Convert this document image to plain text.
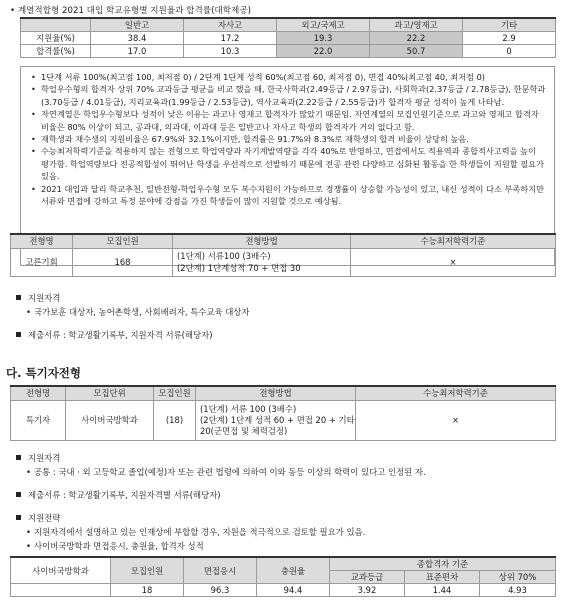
• 계열적합형 2021 대입 학교유형별 지원율과 합격률(대학제공)
	일반고	자사고	외고/국제고	과고/영재고	기타
지원율(%)	38.4	17.2	19.3	22.2	2.9
합격률(%)	17.0	10.3	22.0	50.7	0
• 1단계 서류 100%(최고점 100, 최저점 0) / 2단계 1단계 성적 60%(최고점 60, 최저점 0), 면접 40%(최고점 40, 최저점 0)
• 학업우수형의 합격자 상위 70% 교과등급 평균을 비교 했을 때, 한국사학과(2.49등급 / 2.97등급), 사회학과(2.37등급 / 2.78등급), 한문학과(3.70등급 / 4.01등급), 지리교육과(1.99등급 / 2.53등급), 역사교육과(2.22등급 / 2.55등급)가 합격자 평균 성적이 높게 나타남.
• 자연계열은 학업우수형보다 성적이 낮은 이유는 과고나 영재고 합격자가 많았기 때문임. 자연계열의 모집인원기준으로 과고와 영재고 합격자 비율은 80% 이상이 되고, 공과대, 의과대, 이과대 등은 일반고나 자사고 학생의 합격자가 거의 없다고 함.
• 재학생과 재수생의 지원비율은 67.9%와 32.1%이지만, 합격률은 91.7%와 8.3%로 재학생의 합격 비율이 상당히 높음.
• 수능최저학력기준을 적용하지 않는 전형으로 학업역량과 자기계발역량을 각각 40%로 반영하고, 면접에서도 적용역과 종합적사고력을 높이 평가함. 학업역량보다 전공적합성이 뛰어난 학생을 우선적으로 선발하기 때문에 전공 관련 다양하고 심화된 활동을 한 학생들이 지원할 필요가 있음.
• 2021 대입과 달리 학교추천, 일반전형-학업우수형 모두 복수지원이 가능하므로 경쟁률이 상승할 가능성이 있고, 내신 성적이 다소 부족하지만 서류와 면접에 강하고 특정 분야에 강점을 가진 학생들이 많이 지원할 것으로 예상됨.
전형명	모집인원	전형방법	수능최저학력기준
고른기회	168	(1단계) 서류100 (3배수)
(2단계) 1단계성적 70 + 면접 30	×
지원자격
• 국가보훈 대상자, 농어촌학생, 사회배려자, 특수교육 대상자
제출서류 : 학교생활기록부, 지원자격 서류(해당자)
다. 특기자전형
전형명	모집단위	모집인원	전형방법	수능최저학력기준
특기자	사이버국방학과	(18)	(1단계) 서류 100 (3배수)
(2단계) 1단계 성적 60 + 면접 20 + 기타
20(군면접 및 체력검정)	×
지원자격
• 공통 : 국내 · 외 고등학교 졸업(예정)자 또는 관련 법령에 의하여 이와 동등 이상의 학력이 있다고 인정된 자.
제출서류 : 학교생활기록부, 지원자격별 서류(해당자)
지원전략
• 지원자격에서 설명하고 있는 인재상에 부합할 경우, 지원을 적극적으로 검토할 필요가 있음.
• 사이버국방학과 면접응시, 충원율, 합격자 성적
사이버국방학과	모집인원	면접응시	충원율	종합격자 기준		
				교과등급	표준편차	상위 70%
	18	96.3	94.4	3.92	1.44	4.93
